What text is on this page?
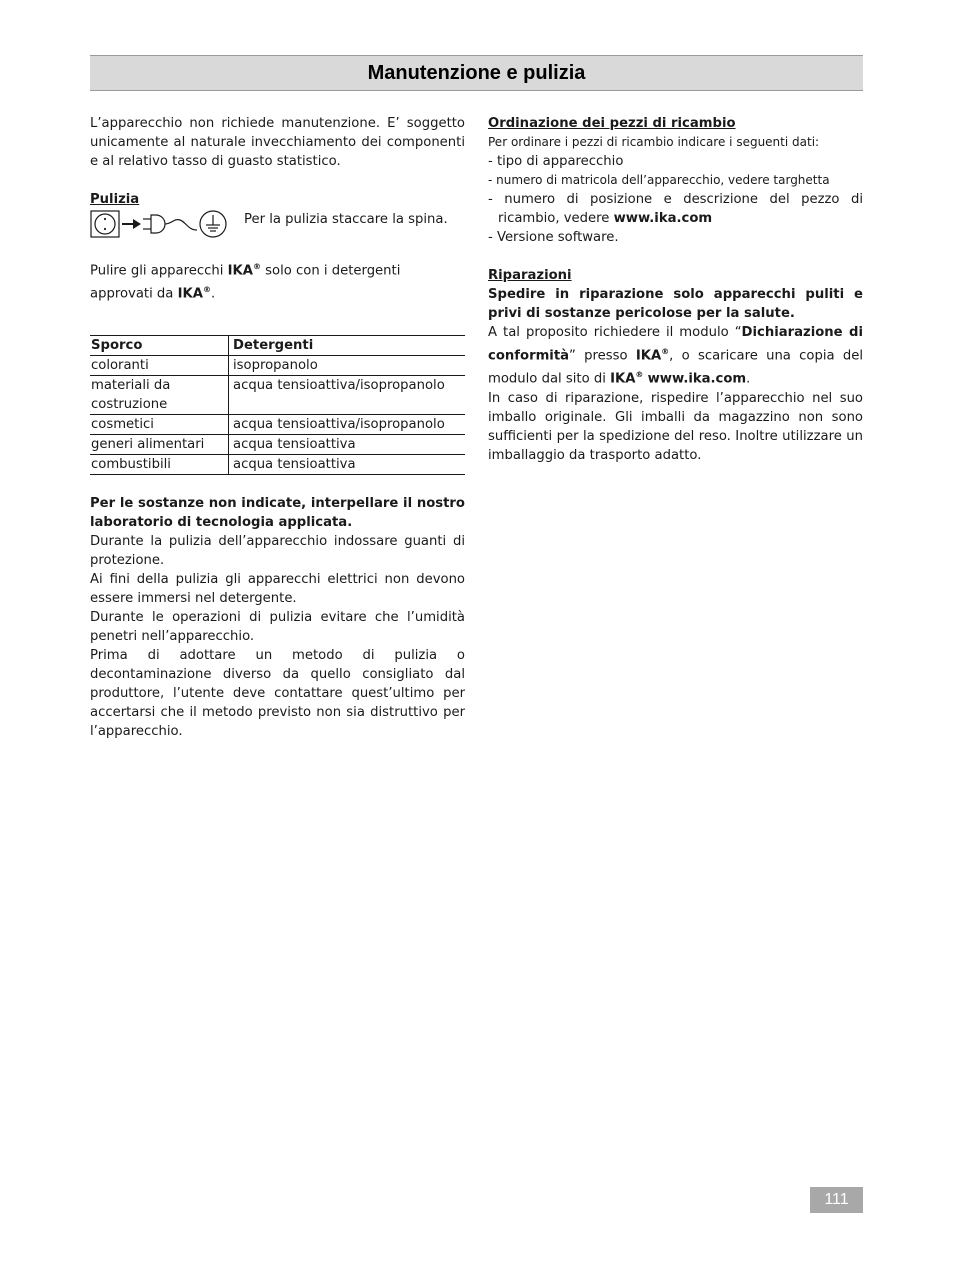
Manutenzione e pulizia

L’apparecchio non richiede manutenzione. E’ soggetto unicamente al naturale invecchiamento dei componenti e al relativo tasso di guasto statistico.

Pulizia

Per la pulizia staccare la spina.

Pulire gli apparecchi IKA® solo con i detergenti approvati da IKA®.

Sporco	Detergenti
coloranti	isopropanolo
materiali da costruzione	acqua tensioattiva/isopropanolo
cosmetici	acqua tensioattiva/isopropanolo
generi alimentari	acqua tensioattiva
combustibili	acqua tensioattiva

Per le sostanze non indicate, interpellare il nostro laboratorio di tecnologia applicata.

Durante la pulizia dell’apparecchio indossare guanti di protezione.

Ai fini della pulizia gli apparecchi elettrici non devono essere immersi nel detergente.

Durante le operazioni di pulizia evitare che l’umidità penetri nell’apparecchio.

Prima di adottare un metodo di pulizia o decontaminazione diverso da quello consigliato dal produttore, l’utente deve contattare quest’ultimo per accertarsi che il metodo previsto non sia distruttivo per l’apparecchio.

Ordinazione dei pezzi di ricambio

Per ordinare i pezzi di ricambio indicare i seguenti dati:

- tipo di apparecchio

- numero di matricola dell’apparecchio, vedere targhetta

- numero di posizione e descrizione del pezzo di ricambio, vedere www.ika.com

- Versione software.

Riparazioni

Spedire in riparazione solo apparecchi puliti e privi di sostanze pericolose per la salute.

A tal proposito richiedere il modulo “Dichiarazione di conformità” presso IKA®, o scaricare una copia del modulo dal sito di IKA® www.ika.com.

In caso di riparazione, rispedire l’apparecchio nel suo imballo originale. Gli imballi da magazzino non sono sufficienti per la spedizione del reso. Inoltre utilizzare un imballaggio da trasporto adatto.

111
